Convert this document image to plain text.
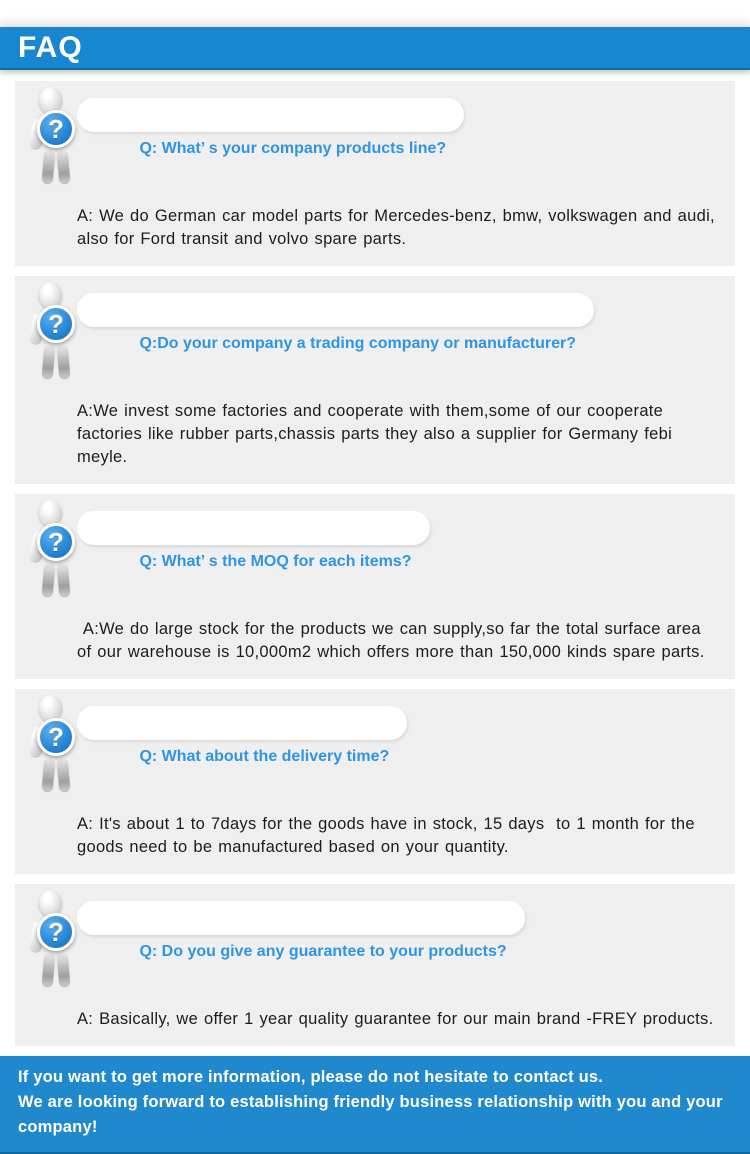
FAQ
?

Q: What’ s your company products line?

A: We do German car model parts for Mercedes-benz, bmw, volkswagen and audi, also for Ford transit and volvo spare parts.

?

Q:Do your company a trading company or manufacturer?

A:We invest some factories and cooperate with them,some of our cooperate factories like rubber parts,chassis parts they also a supplier for Germany febi meyle.

?

Q: What’ s the MOQ for each items?

A:We do large stock for the products we can supply,so far the total surface area of our warehouse is 10,000m2 which offers more than 150,000 kinds spare parts.

?

Q: What about the delivery time?

A: It's about 1 to 7days for the goods have in stock, 15 days  to 1 month for the goods need to be manufactured based on your quantity.

?

Q: Do you give any guarantee to your products?

A: Basically, we offer 1 year quality guarantee for our main brand -FREY products.

If you want to get more information, please do not hesitate to contact us.
We are looking forward to establishing friendly business relationship with you and your company!
